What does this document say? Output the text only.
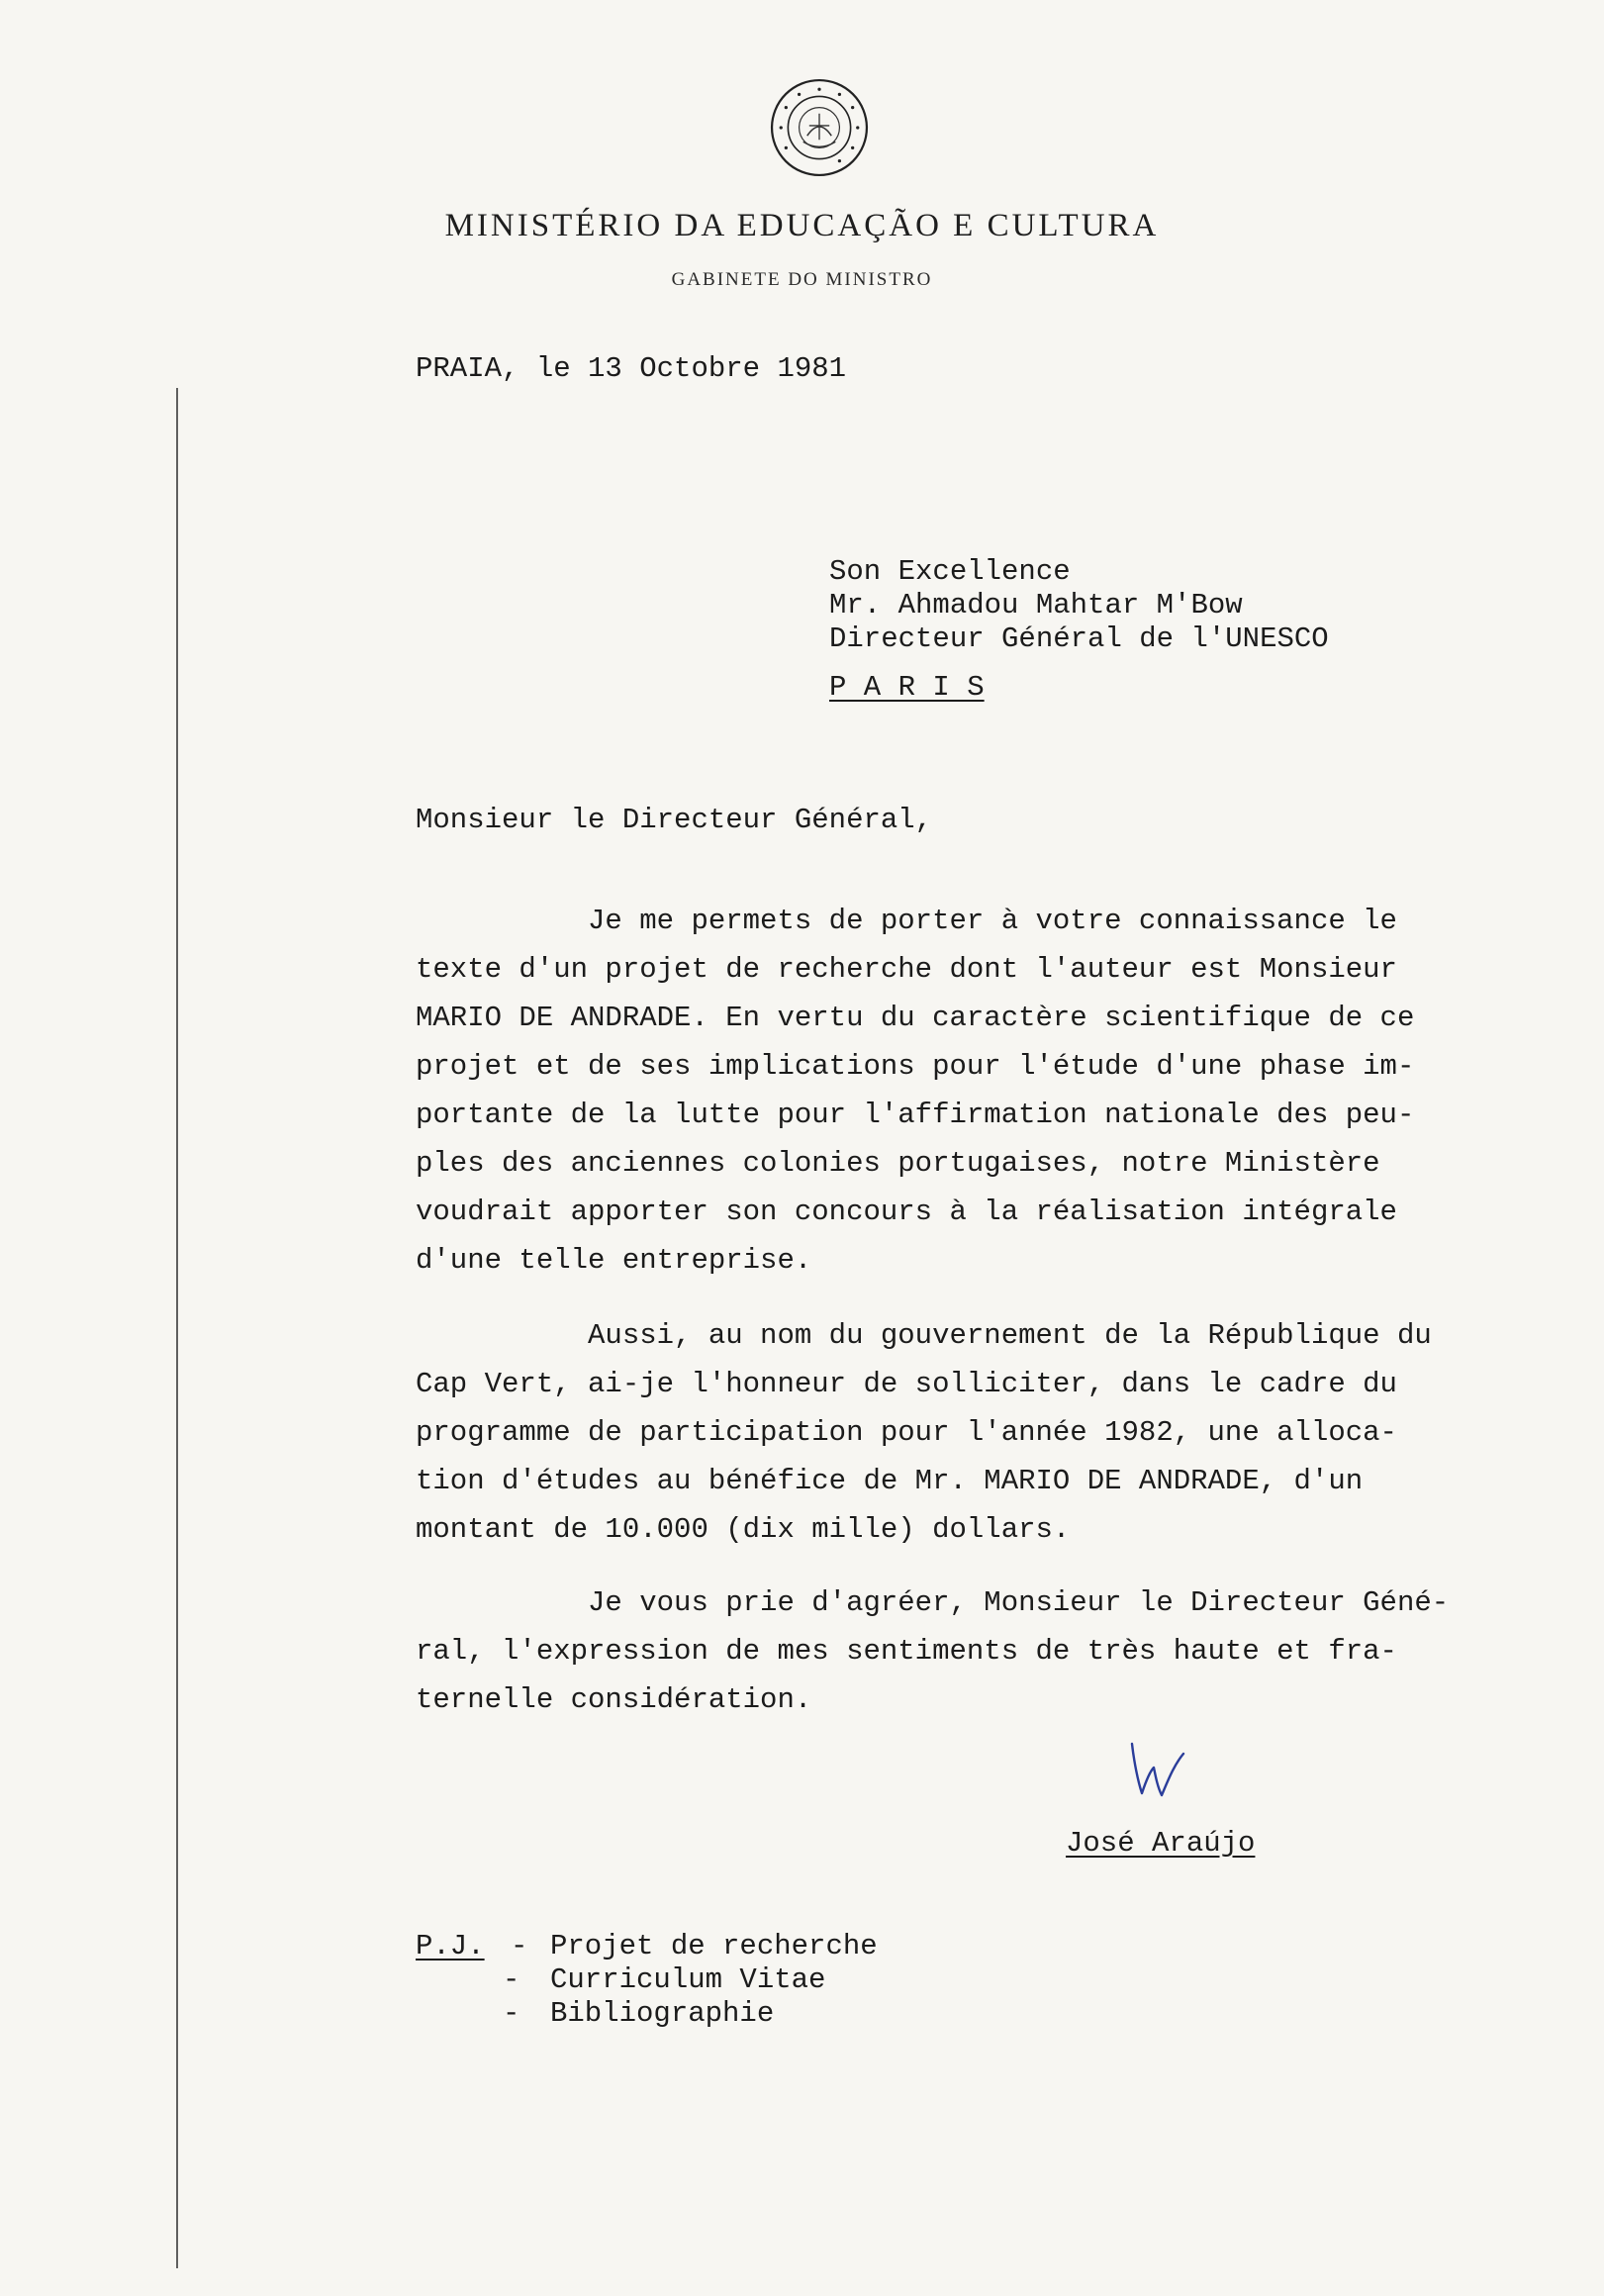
MINISTÉRIO DA EDUCAÇÃO E CULTURA
GABINETE DO MINISTRO
PRAIA, le 13 Octobre 1981
Son Excellence
Mr. Ahmadou Mahtar M'Bow
Directeur Général de l'UNESCO
P A R I S
Monsieur le Directeur Général,
Je me permets de porter à votre connaissance le
texte d'un projet de recherche dont l'auteur est Monsieur
MARIO DE ANDRADE. En vertu du caractère scientifique de ce
projet et de ses implications pour l'étude d'une phase im-
portante de la lutte pour l'affirmation nationale des peu-
ples des anciennes colonies portugaises, notre Ministère
voudrait apporter son concours à la réalisation intégrale
d'une telle entreprise.
Aussi, au nom du gouvernement de la République du
Cap Vert, ai-je l'honneur de solliciter, dans le cadre du
programme de participation pour l'année 1982, une alloca-
tion d'études au bénéfice de Mr. MARIO DE ANDRADE, d'un
montant de 10.000 (dix mille) dollars.
Je vous prie d'agréer, Monsieur le Directeur Géné-
ral, l'expression de mes sentiments de très haute et fra-
ternelle considération.
José Araújo
P.J. - Projet de recherche
- Curriculum Vitae
- Bibliographie
